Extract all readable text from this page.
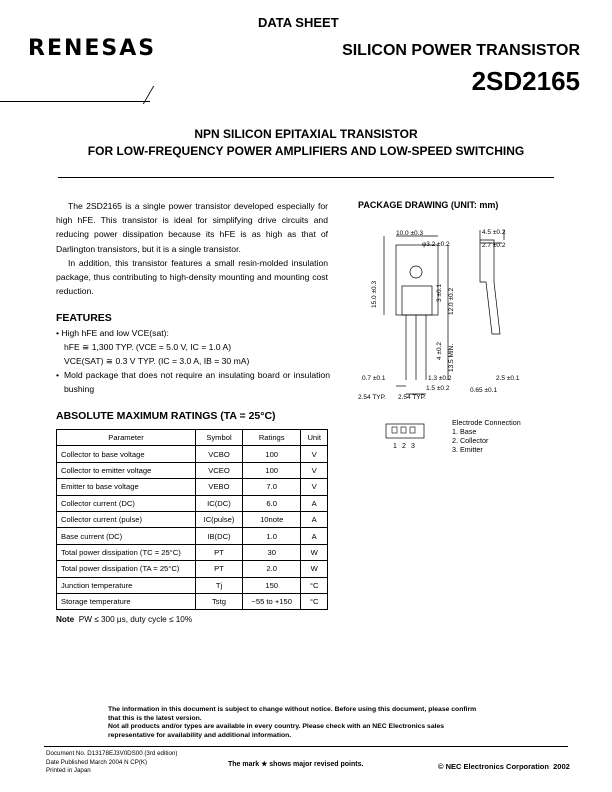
DATA SHEET
RENESAS	SILICON POWER TRANSISTOR
2SD2165
NPN SILICON EPITAXIAL TRANSISTOR
FOR LOW-FREQUENCY POWER AMPLIFIERS AND LOW-SPEED SWITCHING
The 2SD2165 is a single power transistor developed especially for high hFE. This transistor is ideal for simplifying drive circuits and reducing power dissipation because its hFE is as high as that of Darlington transistors, but it is a single transistor.
In addition, this transistor features a small resin-molded insulation package, thus contributing to high-density mounting and mounting cost reduction.
FEATURES
• High hFE and low VCE(sat):
hFE ≅ 1,300 TYP. (VCE = 5.0 V, IC = 1.0 A)
VCE(SAT) ≅ 0.3 V TYP. (IC = 3.0 A, IB = 30 mA)
• Mold package that does not require an insulating board or insulation bushing
ABSOLUTE MAXIMUM RATINGS (TA = 25°C)
Parameter	Symbol	Ratings	Unit
Collector to base voltage	VCBO	100	V
Collector to emitter voltage	VCEO	100	V
Emitter to base voltage	VEBO	7.0	V
Collector current (DC)	IC(DC)	6.0	A
Collector current (pulse)	IC(pulse)	10note	A
Base current (DC)	IB(DC)	1.0	A
Total power dissipation (TC = 25°C)	PT	30	W
Total power dissipation (TA = 25°C)	PT	2.0	W
Junction temperature	Tj	150	°C
Storage temperature	Tstg	−55 to +150	°C
Note PW ≤ 300 μs, duty cycle ≤ 10%
PACKAGE DRAWING (UNIT: mm)
10.0 ±0.3
φ3.2 ±0.2
4.5 ±0.2
2.7 ±0.2
15.0 ±0.3	3 ±0.1 12.0 ±0.2
4 ±0.2 13.5 MIN.
0.7 ±0.1	1.3 ±0.2
1.5 ±0.2
2.54 TYP. 2.54 TYP.
2.5 ±0.1
0.65 ±0.1
1 2 3
Electrode Connection
1. Base
2. Collector
3. Emitter
The information in this document is subject to change without notice. Before using this document, please confirm that this is the latest version.
Not all products and/or types are available in every country. Please check with an NEC Electronics sales representative for availability and additional information.
Document No. D13178EJ3V0DS00 (3rd edition)
Date Published March 2004 N CP(K)
Printed in Japan
The mark ★ shows major revised points.	© NEC Electronics Corporation 2002
